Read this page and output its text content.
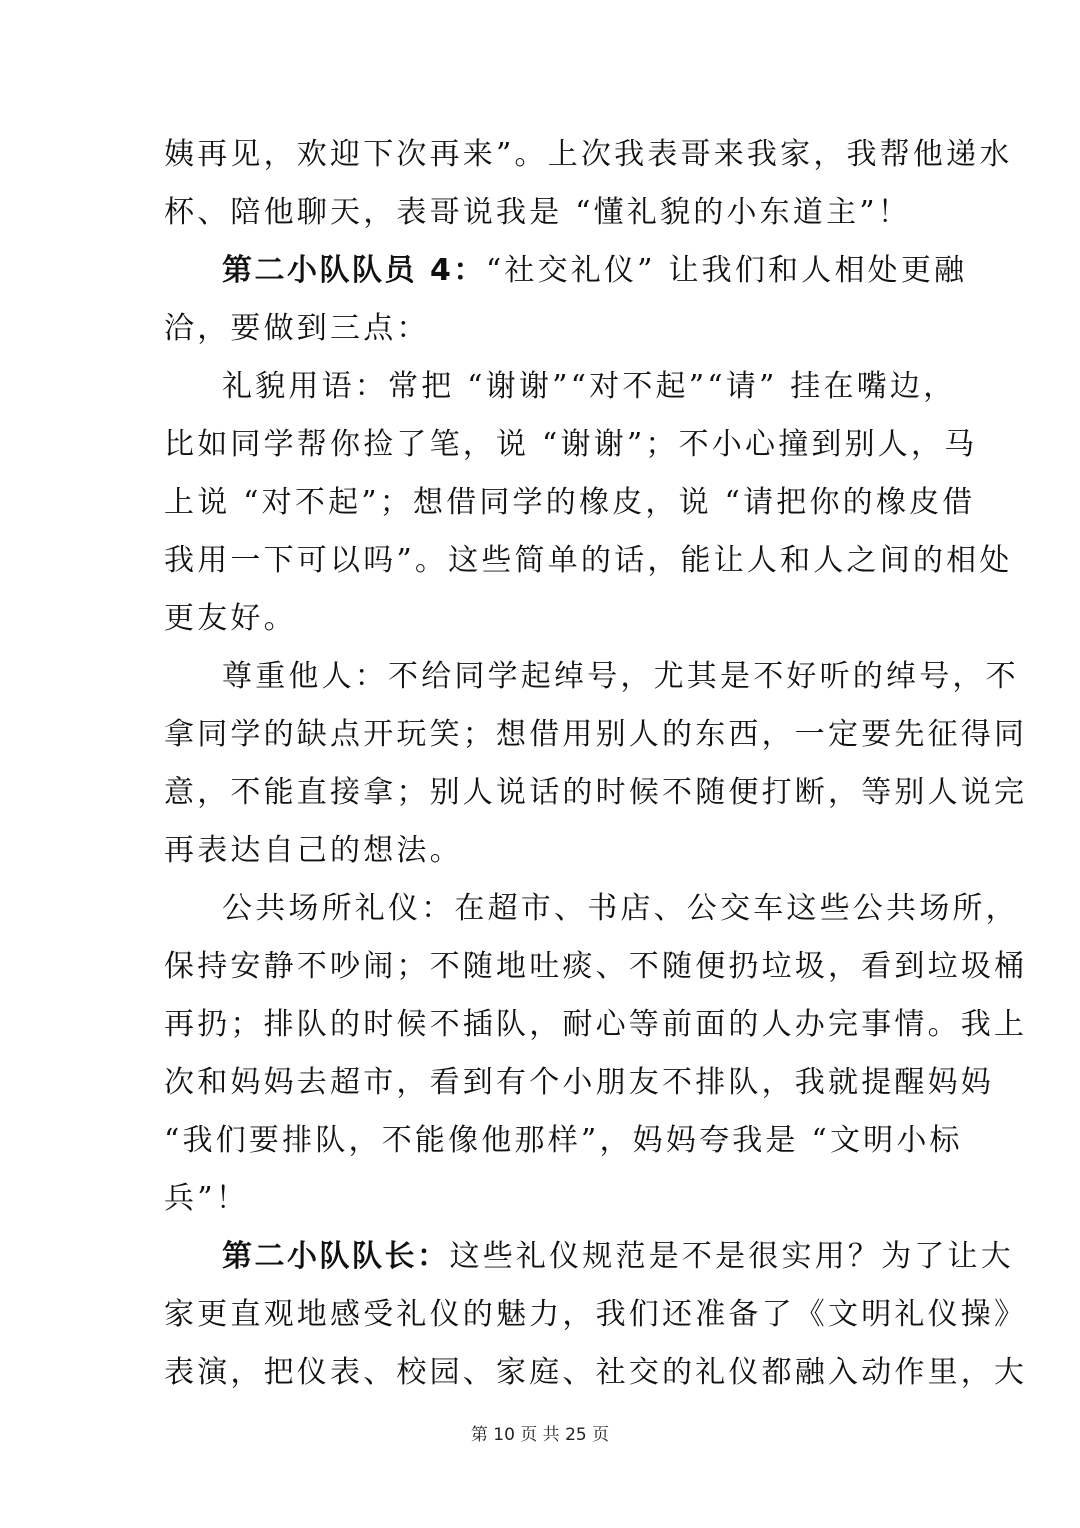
姨再见，欢迎下次再来”。上次我表哥来我家，我帮他递水
杯、陪他聊天，表哥说我是 “懂礼貌的小东道主”！
第二小队队员 4：“社交礼仪” 让我们和人相处更融
洽，要做到三点：
礼貌用语：常把 “谢谢”“对不起”“请” 挂在嘴边，
比如同学帮你捡了笔，说 “谢谢”；不小心撞到别人，马
上说 “对不起”；想借同学的橡皮，说 “请把你的橡皮借
我用一下可以吗”。这些简单的话，能让人和人之间的相处
更友好。
尊重他人：不给同学起绰号，尤其是不好听的绰号，不
拿同学的缺点开玩笑；想借用别人的东西，一定要先征得同
意，不能直接拿；别人说话的时候不随便打断，等别人说完
再表达自己的想法。
公共场所礼仪：在超市、书店、公交车这些公共场所，
保持安静不吵闹；不随地吐痰、不随便扔垃圾，看到垃圾桶
再扔；排队的时候不插队，耐心等前面的人办完事情。我上
次和妈妈去超市，看到有个小朋友不排队，我就提醒妈妈
“我们要排队，不能像他那样”，妈妈夸我是 “文明小标
兵”！
第二小队队长：这些礼仪规范是不是很实用？为了让大
家更直观地感受礼仪的魅力，我们还准备了《文明礼仪操》
表演，把仪表、校园、家庭、社交的礼仪都融入动作里，大
第 10 页 共 25 页
